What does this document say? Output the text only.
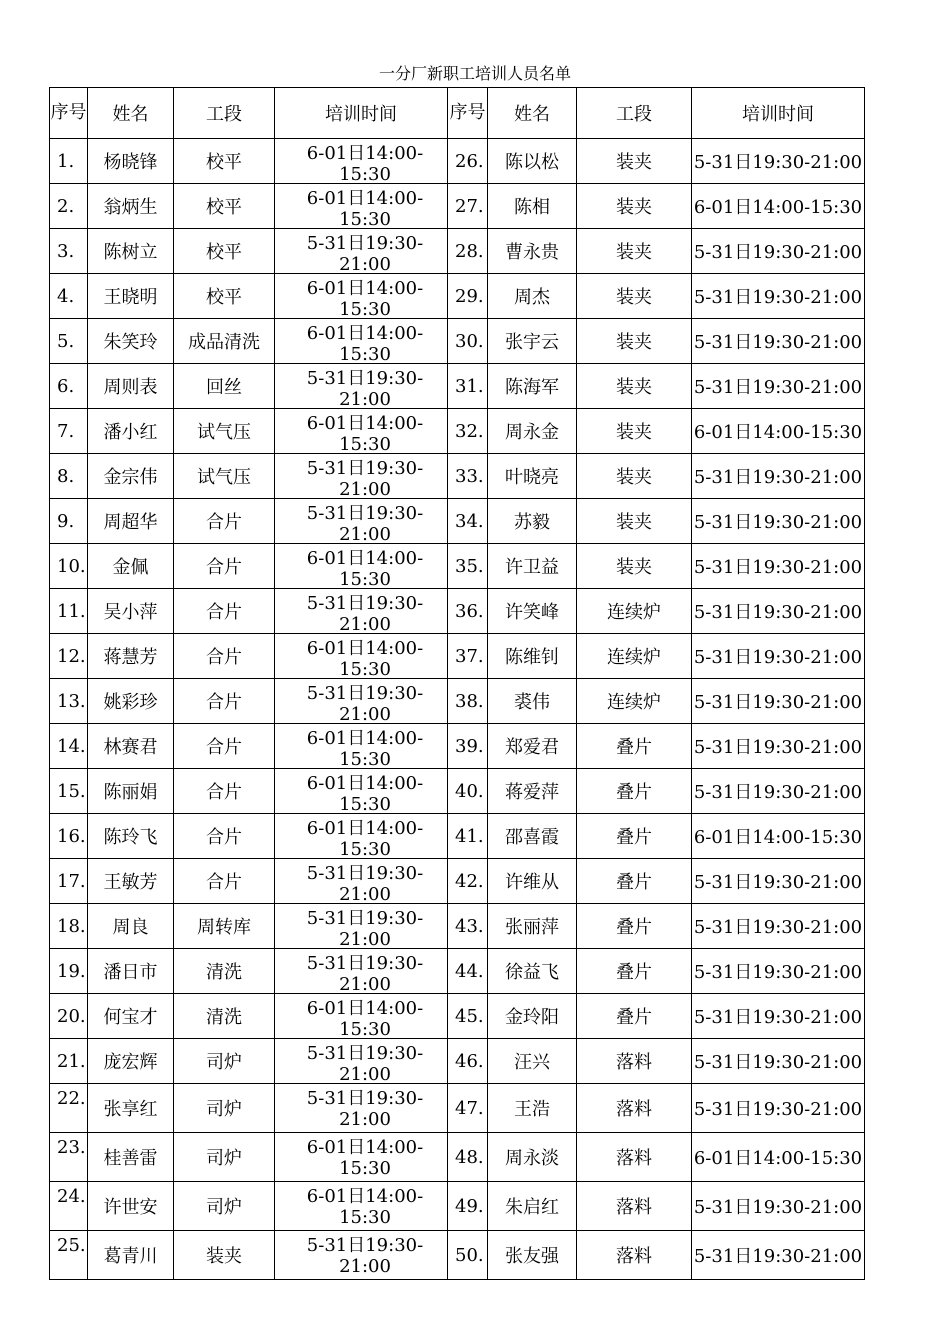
一分厂新职工培训人员名单
序号	姓名	工段	培训时间	序号	姓名	工段	培训时间
1.	杨晓锋	校平	6-01日14:00-15:30	26.	陈以松	装夹	5-31日19:30-21:00
2.	翁炳生	校平	6-01日14:00-15:30	27.	陈相	装夹	6-01日14:00-15:30
3.	陈树立	校平	5-31日19:30-21:00	28.	曹永贵	装夹	5-31日19:30-21:00
4.	王晓明	校平	6-01日14:00-15:30	29.	周杰	装夹	5-31日19:30-21:00
5.	朱笑玲	成品清洗	6-01日14:00-15:30	30.	张宇云	装夹	5-31日19:30-21:00
6.	周则表	回丝	5-31日19:30-21:00	31.	陈海军	装夹	5-31日19:30-21:00
7.	潘小红	试气压	6-01日14:00-15:30	32.	周永金	装夹	6-01日14:00-15:30
8.	金宗伟	试气压	5-31日19:30-21:00	33.	叶晓亮	装夹	5-31日19:30-21:00
9.	周超华	合片	5-31日19:30-21:00	34.	苏毅	装夹	5-31日19:30-21:00
10.	金佩	合片	6-01日14:00-15:30	35.	许卫益	装夹	5-31日19:30-21:00
11.	吴小萍	合片	5-31日19:30-21:00	36.	许笑峰	连续炉	5-31日19:30-21:00
12.	蒋慧芳	合片	6-01日14:00-15:30	37.	陈维钊	连续炉	5-31日19:30-21:00
13.	姚彩珍	合片	5-31日19:30-21:00	38.	裘伟	连续炉	5-31日19:30-21:00
14.	林赛君	合片	6-01日14:00-15:30	39.	郑爱君	叠片	5-31日19:30-21:00
15.	陈丽娟	合片	6-01日14:00-15:30	40.	蒋爱萍	叠片	5-31日19:30-21:00
16.	陈玲飞	合片	6-01日14:00-15:30	41.	邵喜霞	叠片	6-01日14:00-15:30
17.	王敏芳	合片	5-31日19:30-21:00	42.	许维从	叠片	5-31日19:30-21:00
18.	周良	周转库	5-31日19:30-21:00	43.	张丽萍	叠片	5-31日19:30-21:00
19.	潘日市	清洗	5-31日19:30-21:00	44.	徐益飞	叠片	5-31日19:30-21:00
20.	何宝才	清洗	6-01日14:00-15:30	45.	金玲阳	叠片	5-31日19:30-21:00
21.	庞宏辉	司炉	5-31日19:30-21:00	46.	汪兴	落料	5-31日19:30-21:00
22.	张享红	司炉	5-31日19:30-21:00	47.	王浩	落料	5-31日19:30-21:00
23.	桂善雷	司炉	6-01日14:00-15:30	48.	周永淡	落料	6-01日14:00-15:30
24.	许世安	司炉	6-01日14:00-15:30	49.	朱启红	落料	5-31日19:30-21:00
25.	葛青川	装夹	5-31日19:30-21:00	50.	张友强	落料	5-31日19:30-21:00
